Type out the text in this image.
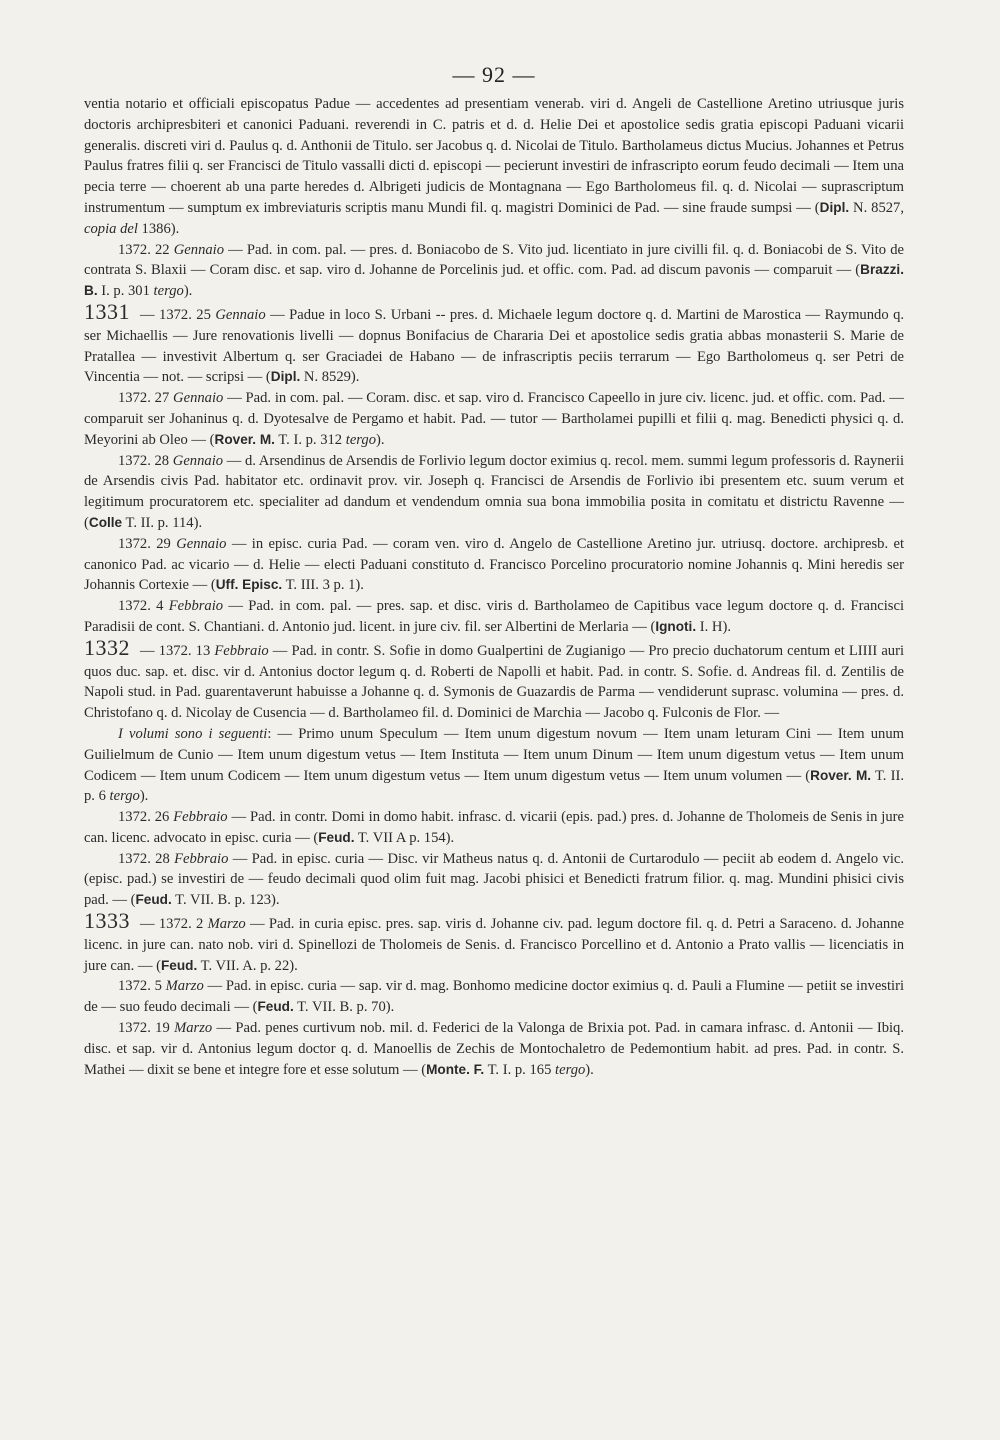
— 92 —

ventia notario et officiali episcopatus Padue — accedentes ad presentiam venerab. viri d. Angeli de Castellione Aretino utriusque juris doctoris archipresbiteri et canonici Paduani. reverendi in C. patris et d. d. Helie Dei et apostolice sedis gratia episcopi Paduani vicarii generalis. discreti viri d. Paulus q. d. Anthonii de Titulo. ser Jacobus q. d. Nicolai de Titulo. Bartholameus dictus Mucius. Johannes et Petrus Paulus fratres filii q. ser Francisci de Titulo vassalli dicti d. episcopi — pecierunt investiri de infrascripto eorum feudo decimali — Item una pecia terre — choerent ab una parte heredes d. Albrigeti judicis de Montagnana — Ego Bartholomeus fil. q. d. Nicolai — suprascriptum instrumentum — sumptum ex imbreviaturis scriptis manu Mundi fil. q. magistri Dominici de Pad. — sine fraude sumpsi — (Dipl. N. 8527, copia del 1386).

1372. 22 Gennaio — Pad. in com. pal. — pres. d. Boniacobo de S. Vito jud. licentiato in jure civilli fil. q. d. Boniacobi de S. Vito de contrata S. Blaxii — Coram disc. et sap. viro d. Johanne de Porcelinis jud. et offic. com. Pad. ad discum pavonis — comparuit — (Brazzi. B. I. p. 301 tergo).

1331 — 1372. 25 Gennaio — Padue in loco S. Urbani -- pres. d. Michaele legum doctore q. d. Martini de Marostica — Raymundo q. ser Michaellis — Jure renovationis livelli — dopnus Bonifacius de Chararia Dei et apostolice sedis gratia abbas monasterii S. Marie de Pratallea — investivit Albertum q. ser Graciadei de Habano — de infrascriptis peciis terrarum — Ego Bartholomeus q. ser Petri de Vincentia — not. — scripsi — (Dipl. N. 8529).

1372. 27 Gennaio — Pad. in com. pal. — Coram. disc. et sap. viro d. Francisco Capeello in jure civ. licenc. jud. et offic. com. Pad. — comparuit ser Johaninus q. d. Dyotesalve de Pergamo et habit. Pad. — tutor — Bartholamei pupilli et filii q. mag. Benedicti physici q. d. Meyorini ab Oleo — (Rover. M. T. I. p. 312 tergo).

1372. 28 Gennaio — d. Arsendinus de Arsendis de Forlivio legum doctor eximius q. recol. mem. summi legum professoris d. Raynerii de Arsendis civis Pad. habitator etc. ordinavit prov. vir. Joseph q. Francisci de Arsendis de Forlivio ibi presentem etc. suum verum et legitimum procuratorem etc. specialiter ad dandum et vendendum omnia sua bona immobilia posita in comitatu et districtu Ravenne — (Colle T. II. p. 114).

1372. 29 Gennaio — in episc. curia Pad. — coram ven. viro d. Angelo de Castellione Aretino jur. utriusq. doctore. archipresb. et canonico Pad. ac vicario — d. Helie — electi Paduani constituto d. Francisco Porcelino procuratorio nomine Johannis q. Mini heredis ser Johannis Cortexie — (Uff. Episc. T. III. 3 p. 1).

1372. 4 Febbraio — Pad. in com. pal. — pres. sap. et disc. viris d. Bartholameo de Capitibus vace legum doctore q. d. Francisci Paradisii de cont. S. Chantiani. d. Antonio jud. licent. in jure civ. fil. ser Albertini de Merlaria — (Ignoti. I. H).

1332 — 1372. 13 Febbraio — Pad. in contr. S. Sofie in domo Gualpertini de Zugianigo — Pro precio duchatorum centum et LIIII auri quos duc. sap. et. disc. vir d. Antonius doctor legum q. d. Roberti de Napolli et habit. Pad. in contr. S. Sofie. d. Andreas fil. d. Zentilis de Napoli stud. in Pad. guarentaverunt habuisse a Johanne q. d. Symonis de Guazardis de Parma — vendiderunt suprasc. volumina — pres. d. Christofano q. d. Nicolay de Cusencia — d. Bartholameo fil. d. Dominici de Marchia — Jacobo q. Fulconis de Flor. —

I volumi sono i seguenti: — Primo unum Speculum — Item unum digestum novum — Item unam leturam Cini — Item unum Guilielmum de Cunio — Item unum digestum vetus — Item Institutа — Item unum Dinum — Item unum digestum vetus — Item unum Codicem — Item unum Codicem — Item unum digestum vetus — Item unum digestum vetus — Item unum volumen — (Rover. M. T. II. p. 6 tergo).

1372. 26 Febbraio — Pad. in contr. Domi in domo habit. infrasc. d. vicarii (epis. pad.) pres. d. Johanne de Tholomeis de Senis in jure can. licenc. advocato in episc. curia — (Feud. T. VII A p. 154).

1372. 28 Febbraio — Pad. in episc. curia — Disc. vir Matheus natus q. d. Antonii de Curtarodulo — peciit ab eodem d. Angelo vic. (episc. pad.) se investiri de — feudo decimali quod olim fuit mag. Jacobi phisici et Benedicti fratrum filior. q. mag. Mundini phisici civis pad. — (Feud. T. VII. B. p. 123).

1333 — 1372. 2 Marzo — Pad. in curia episc. pres. sap. viris d. Johanne civ. pad. legum doctore fil. q. d. Petri a Saraceno. d. Johanne licenc. in jure can. nato nob. viri d. Spinellozi de Tholomeis de Senis. d. Francisco Porcellino et d. Antonio a Prato vallis — licenciatis in jure can. — (Feud. T. VII. A. p. 22).

1372. 5 Marzo — Pad. in episc. curia — sap. vir d. mag. Bonhomo medicine doctor eximius q. d. Pauli a Flumine — petiit se investiri de — suo feudo decimali — (Feud. T. VII. B. p. 70).

1372. 19 Marzo — Pad. penes curtivum nob. mil. d. Federici de la Valonga de Brixia pot. Pad. in camara infrasc. d. Antonii — Ibiq. disc. et sap. vir d. Antonius legum doctor q. d. Manoellis de Zechis de Montochaletro de Pedemontium habit. ad pres. Pad. in contr. S. Mathei — dixit se bene et integre fore et esse solutum — (Monte. F. T. I. p. 165 tergo).
